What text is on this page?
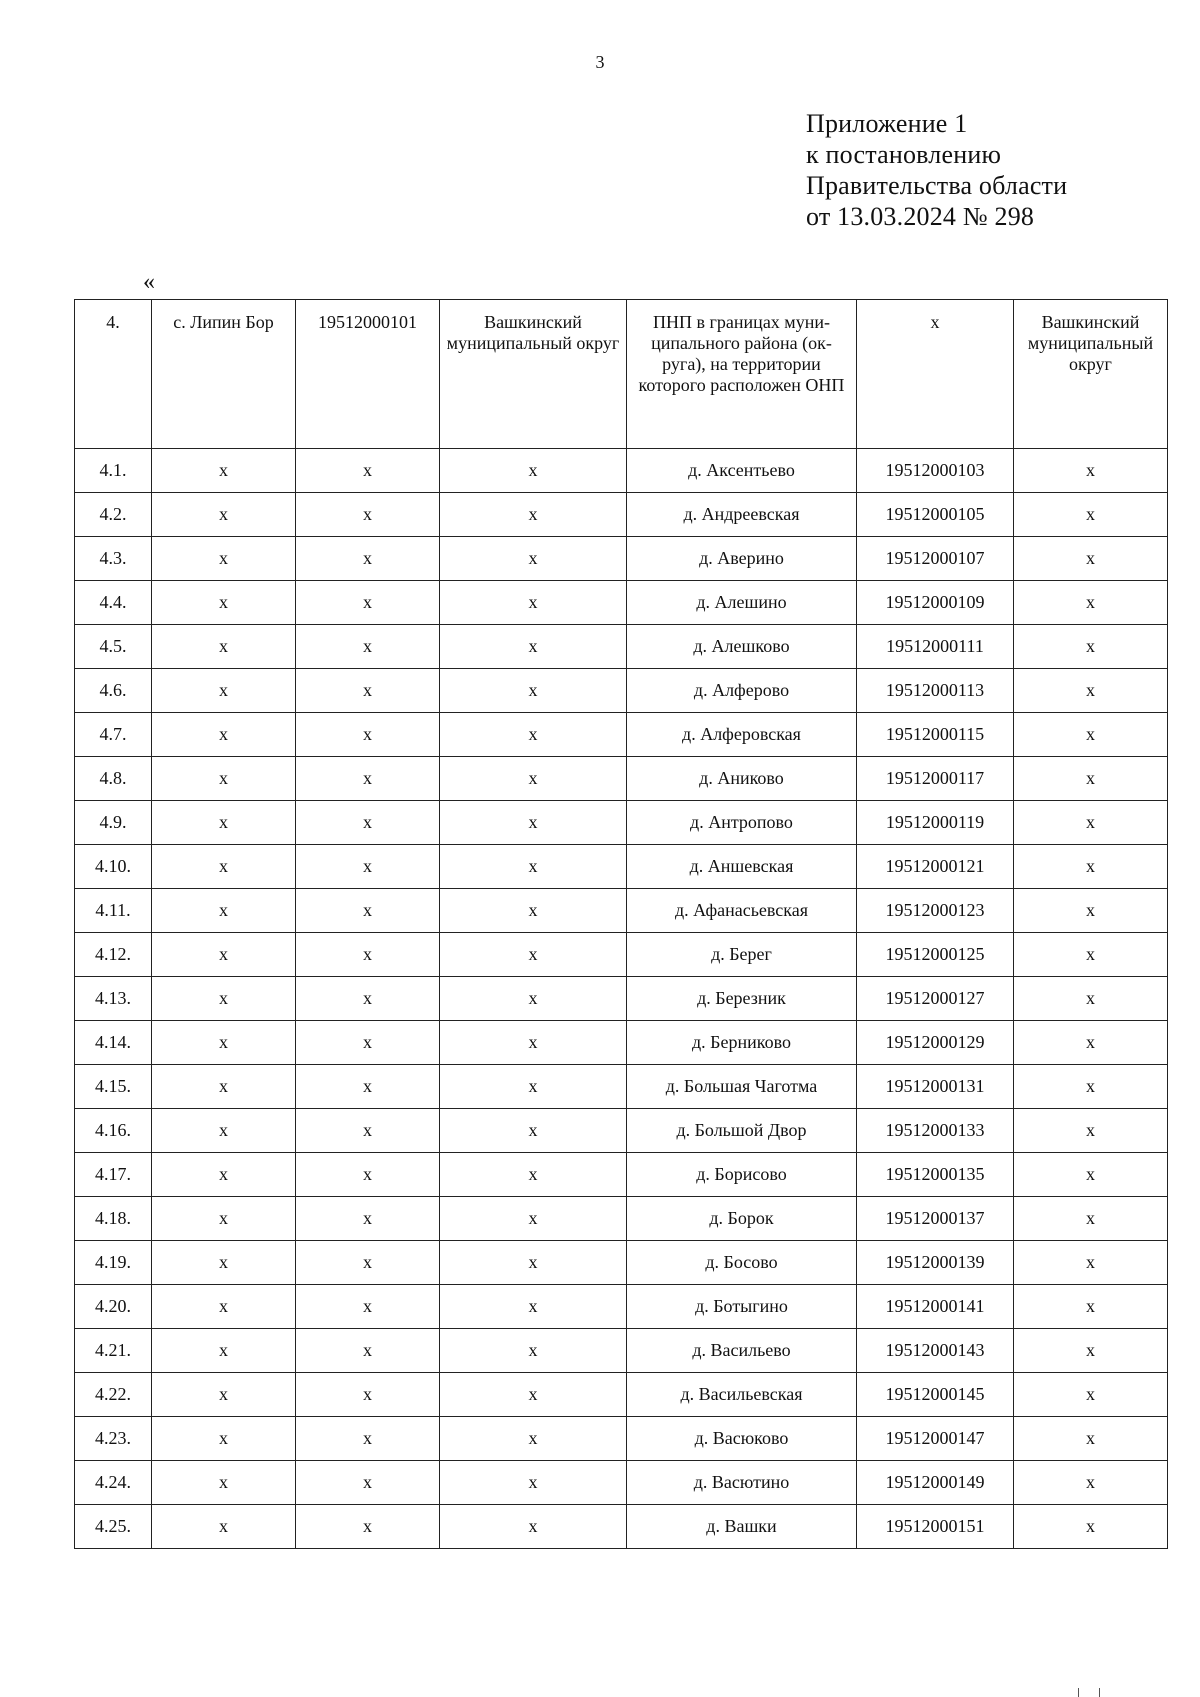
3
Приложение 1
к постановлению
Правительства области
от 13.03.2024 № 298
«
4.	с. Липин Бор	19512000101	Вашкинский муниципальный округ	ПНП в границах муни-ципального района (ок-руга), на территории которого расположен ОНП	x	Вашкинский муниципальный округ
4.1.	x	x	x	д. Аксентьево	19512000103	x
4.2.	x	x	x	д. Андреевская	19512000105	x
4.3.	x	x	x	д. Аверино	19512000107	x
4.4.	x	x	x	д. Алешино	19512000109	x
4.5.	x	x	x	д. Алешково	19512000111	x
4.6.	x	x	x	д. Алферово	19512000113	x
4.7.	x	x	x	д. Алферовская	19512000115	x
4.8.	x	x	x	д. Аниково	19512000117	x
4.9.	x	x	x	д. Антропово	19512000119	x
4.10.	x	x	x	д. Аншевская	19512000121	x
4.11.	x	x	x	д. Афанасьевская	19512000123	x
4.12.	x	x	x	д. Берег	19512000125	x
4.13.	x	x	x	д. Березник	19512000127	x
4.14.	x	x	x	д. Берниково	19512000129	x
4.15.	x	x	x	д. Большая Чаготма	19512000131	x
4.16.	x	x	x	д. Большой Двор	19512000133	x
4.17.	x	x	x	д. Борисово	19512000135	x
4.18.	x	x	x	д. Борок	19512000137	x
4.19.	x	x	x	д. Босово	19512000139	x
4.20.	x	x	x	д. Ботыгино	19512000141	x
4.21.	x	x	x	д. Васильево	19512000143	x
4.22.	x	x	x	д. Васильевская	19512000145	x
4.23.	x	x	x	д. Васюково	19512000147	x
4.24.	x	x	x	д. Васютино	19512000149	x
4.25.	x	x	x	д. Вашки	19512000151	x
